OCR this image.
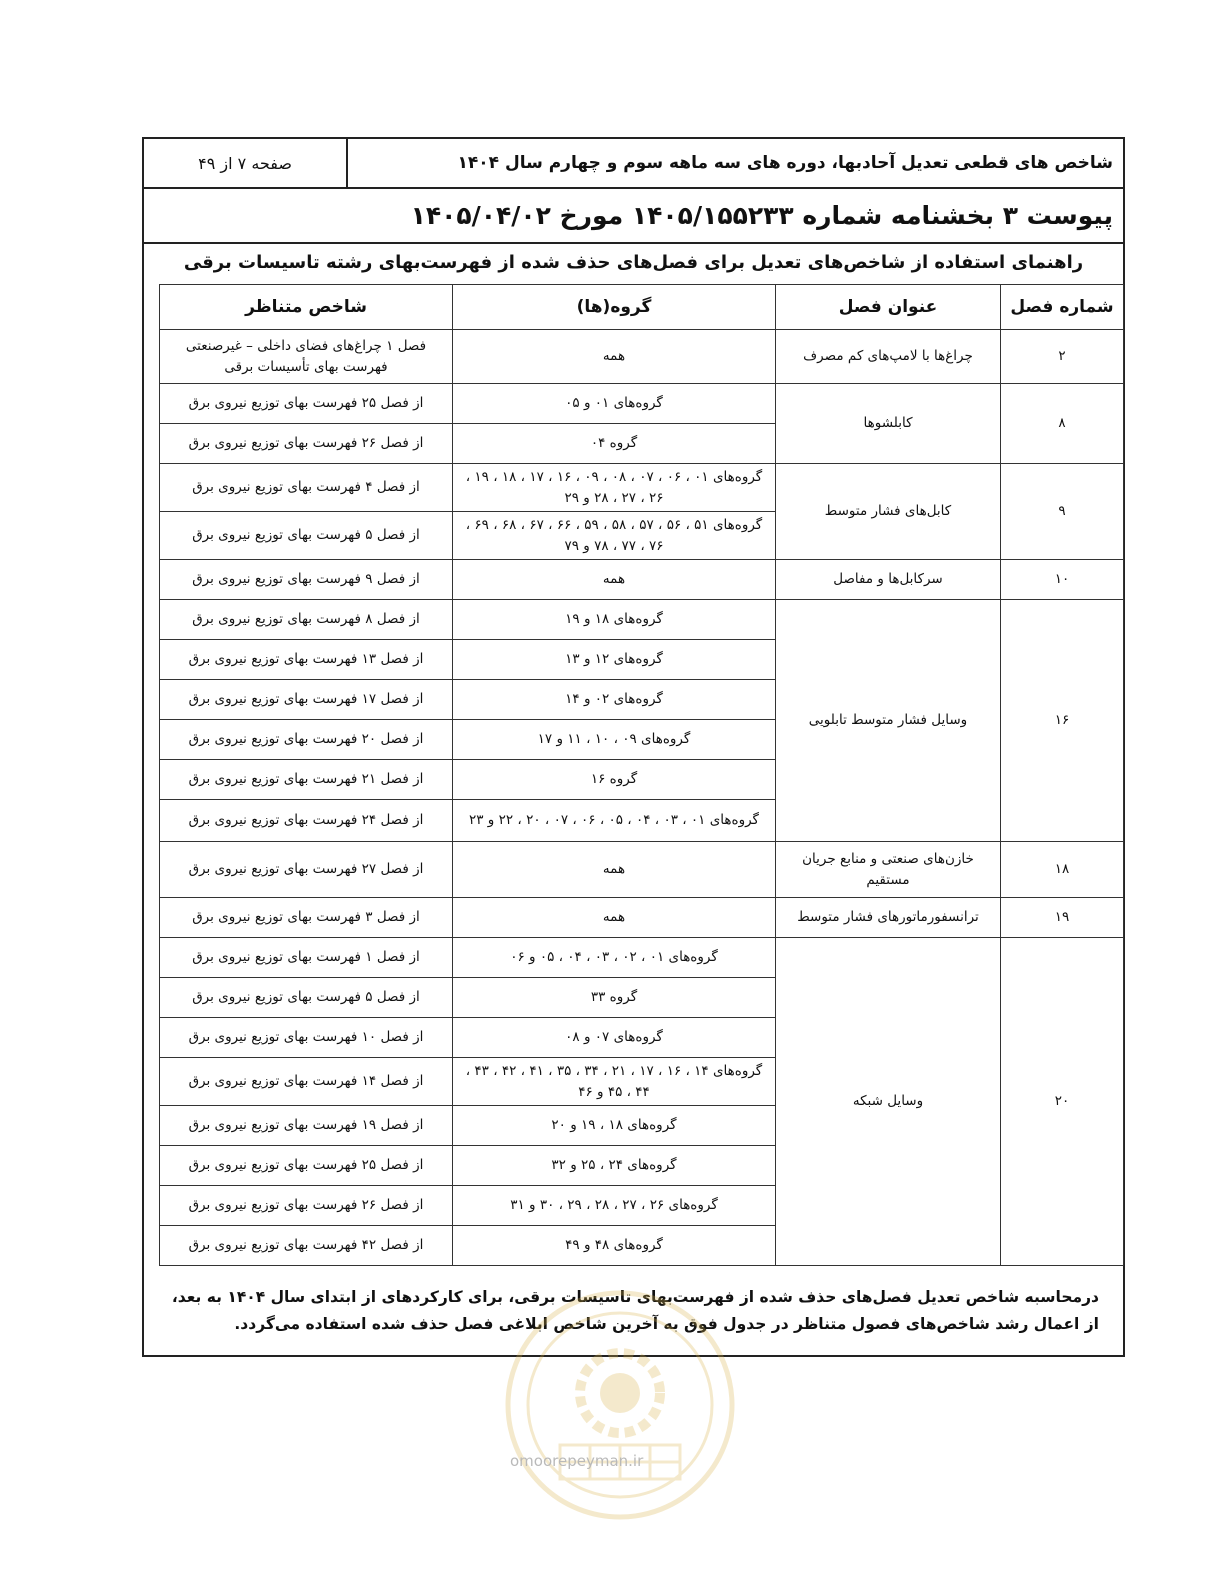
شاخص های قطعی تعدیل آحادبها، دوره های سه ماهه سوم و چهارم سال ۱۴۰۴
صفحه ۷ از ۴۹
پیوست ۳ بخشنامه شماره ۱۴۰۵/۱۵۵۲۳۳ مورخ ۱۴۰۵/۰۴/۰۲
راهنمای استفاده از شاخص‌های تعدیل برای فصل‌های حذف شده از فهرست‌بهای رشته تاسیسات برقی
شماره فصل	عنوان فصل	گروه(ها)	شاخص متناظر
۲	چراغ‌ها با لامپ‌های کم مصرف	همه	فصل ۱ چراغ‌های فضای داخلی – غیرصنعتی فهرست بهای تأسیسات برقی
۸	کابلشوها	گروه‌های ۰۱ و ۰۵	از فصل ۲۵ فهرست بهای توزیع نیروی برق
		گروه ۰۴	از فصل ۲۶ فهرست بهای توزیع نیروی برق
۹	کابل‌های فشار متوسط	گروه‌های ۰۱ ، ۰۶ ، ۰۷ ، ۰۸ ، ۰۹ ، ۱۶ ، ۱۷ ، ۱۸ ، ۱۹ ، ۲۶ ، ۲۷ ، ۲۸ و ۲۹	از فصل ۴ فهرست بهای توزیع نیروی برق
		گروه‌های ۵۱ ، ۵۶ ، ۵۷ ، ۵۸ ، ۵۹ ، ۶۶ ، ۶۷ ، ۶۸ ، ۶۹ ، ۷۶ ، ۷۷ ، ۷۸ و ۷۹	از فصل ۵ فهرست بهای توزیع نیروی برق
۱۰	سرکابل‌ها و مفاصل	همه	از فصل ۹ فهرست بهای توزیع نیروی برق
۱۶	وسایل فشار متوسط تابلویی	گروه‌های ۱۸ و ۱۹	از فصل ۸ فهرست بهای توزیع نیروی برق
		گروه‌های ۱۲ و ۱۳	از فصل ۱۳ فهرست بهای توزیع نیروی برق
		گروه‌های ۰۲ و ۱۴	از فصل ۱۷ فهرست بهای توزیع نیروی برق
		گروه‌های ۰۹ ، ۱۰ ، ۱۱ و ۱۷	از فصل ۲۰ فهرست بهای توزیع نیروی برق
		گروه ۱۶	از فصل ۲۱ فهرست بهای توزیع نیروی برق
		گروه‌های ۰۱ ، ۰۳ ، ۰۴ ، ۰۵ ، ۰۶ ، ۰۷ ، ۲۰ ، ۲۲ و ۲۳	از فصل ۲۴ فهرست بهای توزیع نیروی برق
۱۸	خازن‌های صنعتی و منابع جریان مستقیم	همه	از فصل ۲۷ فهرست بهای توزیع نیروی برق
۱۹	ترانسفورماتورهای فشار متوسط	همه	از فصل ۳ فهرست بهای توزیع نیروی برق
۲۰	وسایل شبکه	گروه‌های ۰۱ ، ۰۲ ، ۰۳ ، ۰۴ ، ۰۵ و ۰۶	از فصل ۱ فهرست بهای توزیع نیروی برق
		گروه ۳۳	از فصل ۵ فهرست بهای توزیع نیروی برق
		گروه‌های ۰۷ و ۰۸	از فصل ۱۰ فهرست بهای توزیع نیروی برق
		گروه‌های ۱۴ ، ۱۶ ، ۱۷ ، ۲۱ ، ۳۴ ، ۳۵ ، ۴۱ ، ۴۲ ، ۴۳ ، ۴۴ ، ۴۵ و ۴۶	از فصل ۱۴ فهرست بهای توزیع نیروی برق
		گروه‌های ۱۸ ، ۱۹ و ۲۰	از فصل ۱۹ فهرست بهای توزیع نیروی برق
		گروه‌های ۲۴ ، ۲۵ و ۳۲	از فصل ۲۵ فهرست بهای توزیع نیروی برق
		گروه‌های ۲۶ ، ۲۷ ، ۲۸ ، ۲۹ ، ۳۰ و ۳۱	از فصل ۲۶ فهرست بهای توزیع نیروی برق
		گروه‌های ۴۸ و ۴۹	از فصل ۴۲ فهرست بهای توزیع نیروی برق
درمحاسبه شاخص تعدیل فصل‌های حذف شده از فهرست‌بهای تاسیسات برقی، برای کارکردهای از ابتدای سال ۱۴۰۴ به بعد، از اعمال رشد شاخص‌های فصول متناظر در جدول فوق به آخرین شاخص ابلاغی فصل حذف شده استفاده می‌گردد.
omoorepeyman.ir
